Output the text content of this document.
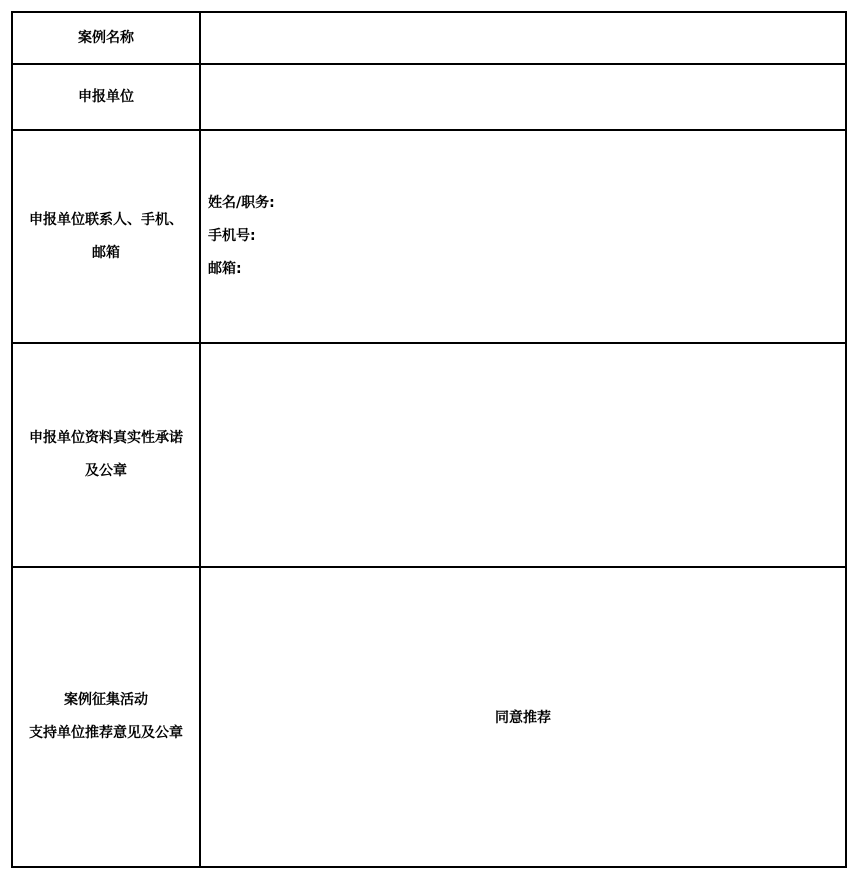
案例名称	

申报单位	

申报单位联系人、手机、
邮箱	姓名/职务:
手机号:
邮箱:

申报单位资料真实性承诺
及公章	

案例征集活动
支持单位推荐意见及公章	同意推荐
